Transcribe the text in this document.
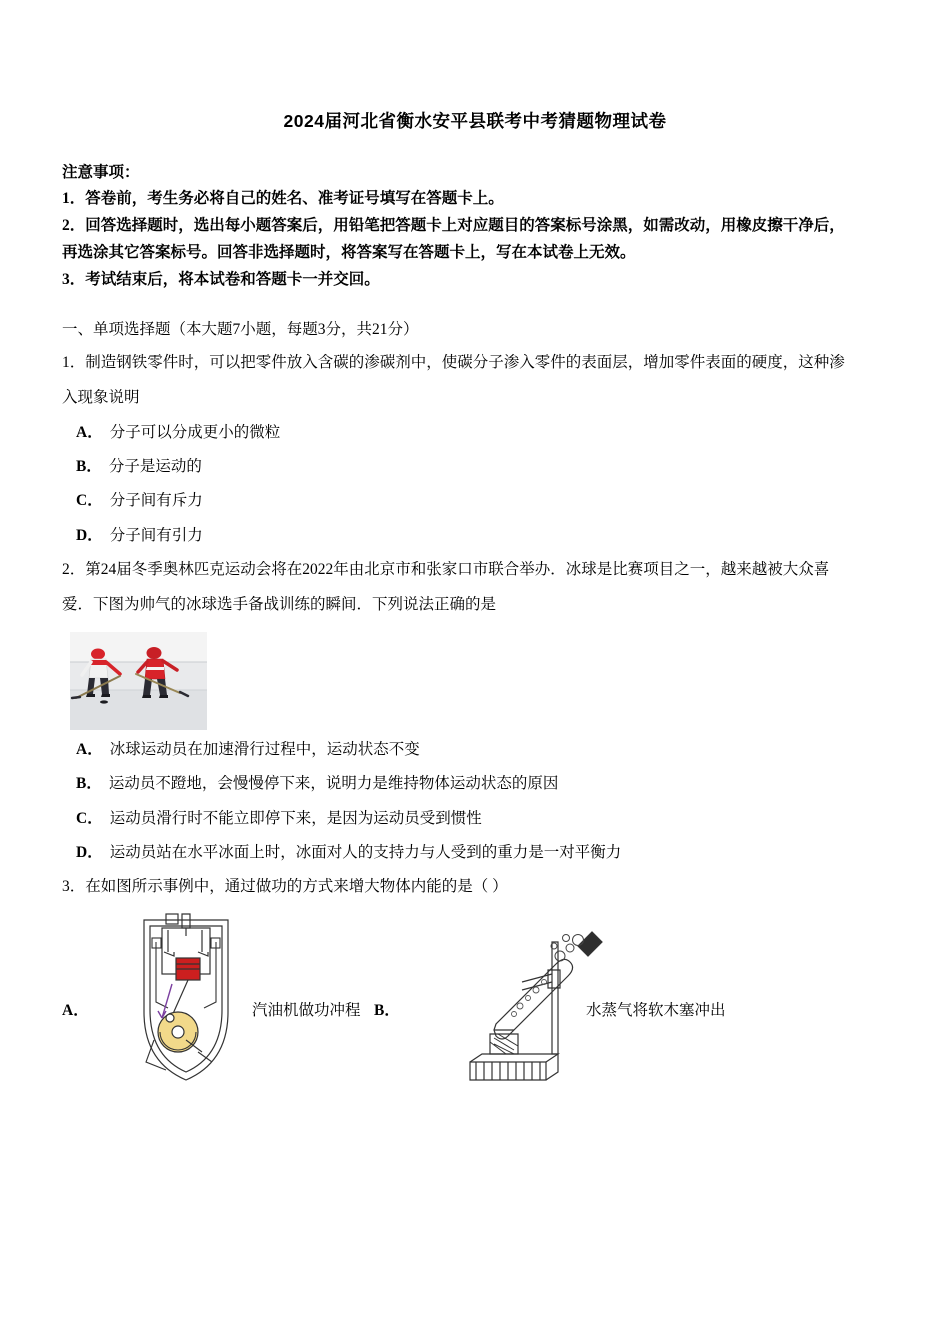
2024届河北省衡水安平县联考中考猜题物理试卷
注意事项：
1．答卷前，考生务必将自己的姓名、准考证号填写在答题卡上。
2．回答选择题时，选出每小题答案后，用铅笔把答题卡上对应题目的答案标号涂黑，如需改动，用橡皮擦干净后，
再选涂其它答案标号。回答非选择题时，将答案写在答题卡上，写在本试卷上无效。
3．考试结束后，将本试卷和答题卡一并交回。
一、单项选择题（本大题7小题，每题3分，共21分）
1．制造钢铁零件时，可以把零件放入含碳的渗碳剂中，使碳分子渗入零件的表面层，增加零件表面的硬度，这种渗
入现象说明
A． 分子可以分成更小的微粒
B． 分子是运动的
C． 分子间有斥力
D． 分子间有引力
2．第24届冬季奥林匹克运动会将在2022年由北京市和张家口市联合举办．冰球是比赛项目之一，越来越被大众喜
爱．下图为帅气的冰球选手备战训练的瞬间．下列说法正确的是
A． 冰球运动员在加速滑行过程中，运动状态不变
B． 运动员不蹬地，会慢慢停下来，说明力是维持物体运动状态的原因
C． 运动员滑行时不能立即停下来，是因为运动员受到惯性
D． 运动员站在水平冰面上时，冰面对人的支持力与人受到的重力是一对平衡力
3．在如图所示事例中，通过做功的方式来增大物体内能的是（ ）
A．	汽油机做功冲程 B．	水蒸气将软木塞冲出
